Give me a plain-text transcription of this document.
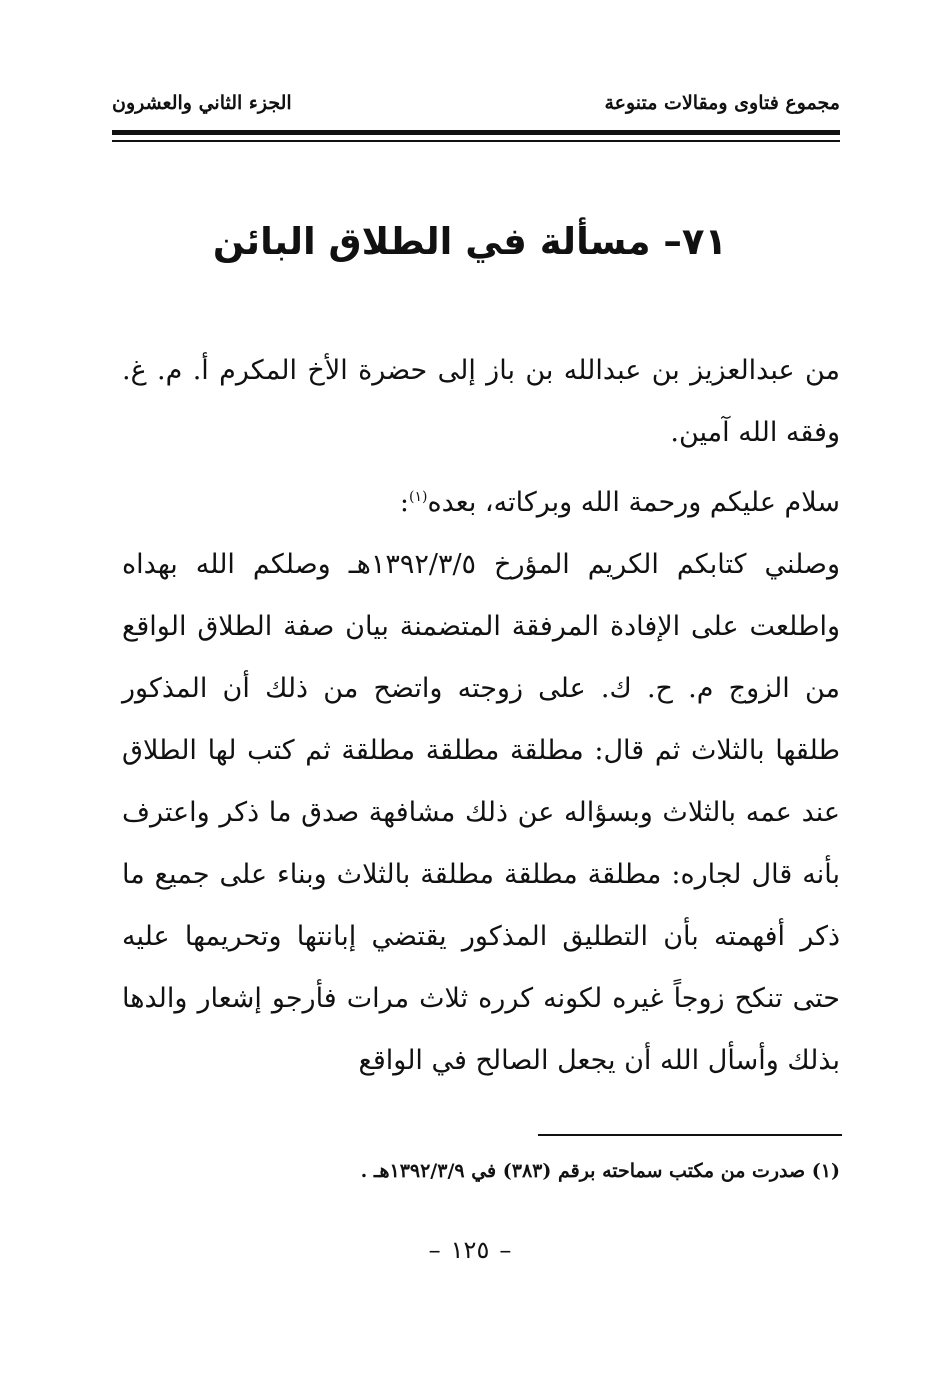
مجموع فتاوى ومقالات متنوعة
الجزء الثاني والعشرون
٧١– مسألة في الطلاق البائن

من عبدالعزيز بن عبدالله بن باز إلى حضرة الأخ المكرم أ. م. غ. وفقه الله آمين.

سلام عليكم ورحمة الله وبركاته، بعده$^{(١)}$:

وصلني كتابكم الكريم المؤرخ ١٣٩٢/٣/٥هـ وصلكم الله بهداه واطلعت على الإفادة المرفقة المتضمنة بيان صفة الطلاق الواقع من الزوج م. ح. ك. على زوجته واتضح من ذلك أن المذكور طلقها بالثلاث ثم قال: مطلقة مطلقة مطلقة ثم كتب لها الطلاق عند عمه بالثلاث وبسؤاله عن ذلك مشافهة صدق ما ذكر واعترف بأنه قال لجاره: مطلقة مطلقة مطلقة بالثلاث وبناء على جميع ما ذكر أفهمته بأن التطليق المذكور يقتضي إبانتها وتحريمها عليه حتى تنكح زوجاً غيره لكونه كرره ثلاث مرات فأرجو إشعار والدها بذلك وأسأل الله أن يجعل الصالح في الواقع

(١) صدرت من مكتب سماحته برقم (٣٨٣) في ١٣٩٢/٣/٩هـ .
–١٢٥–
